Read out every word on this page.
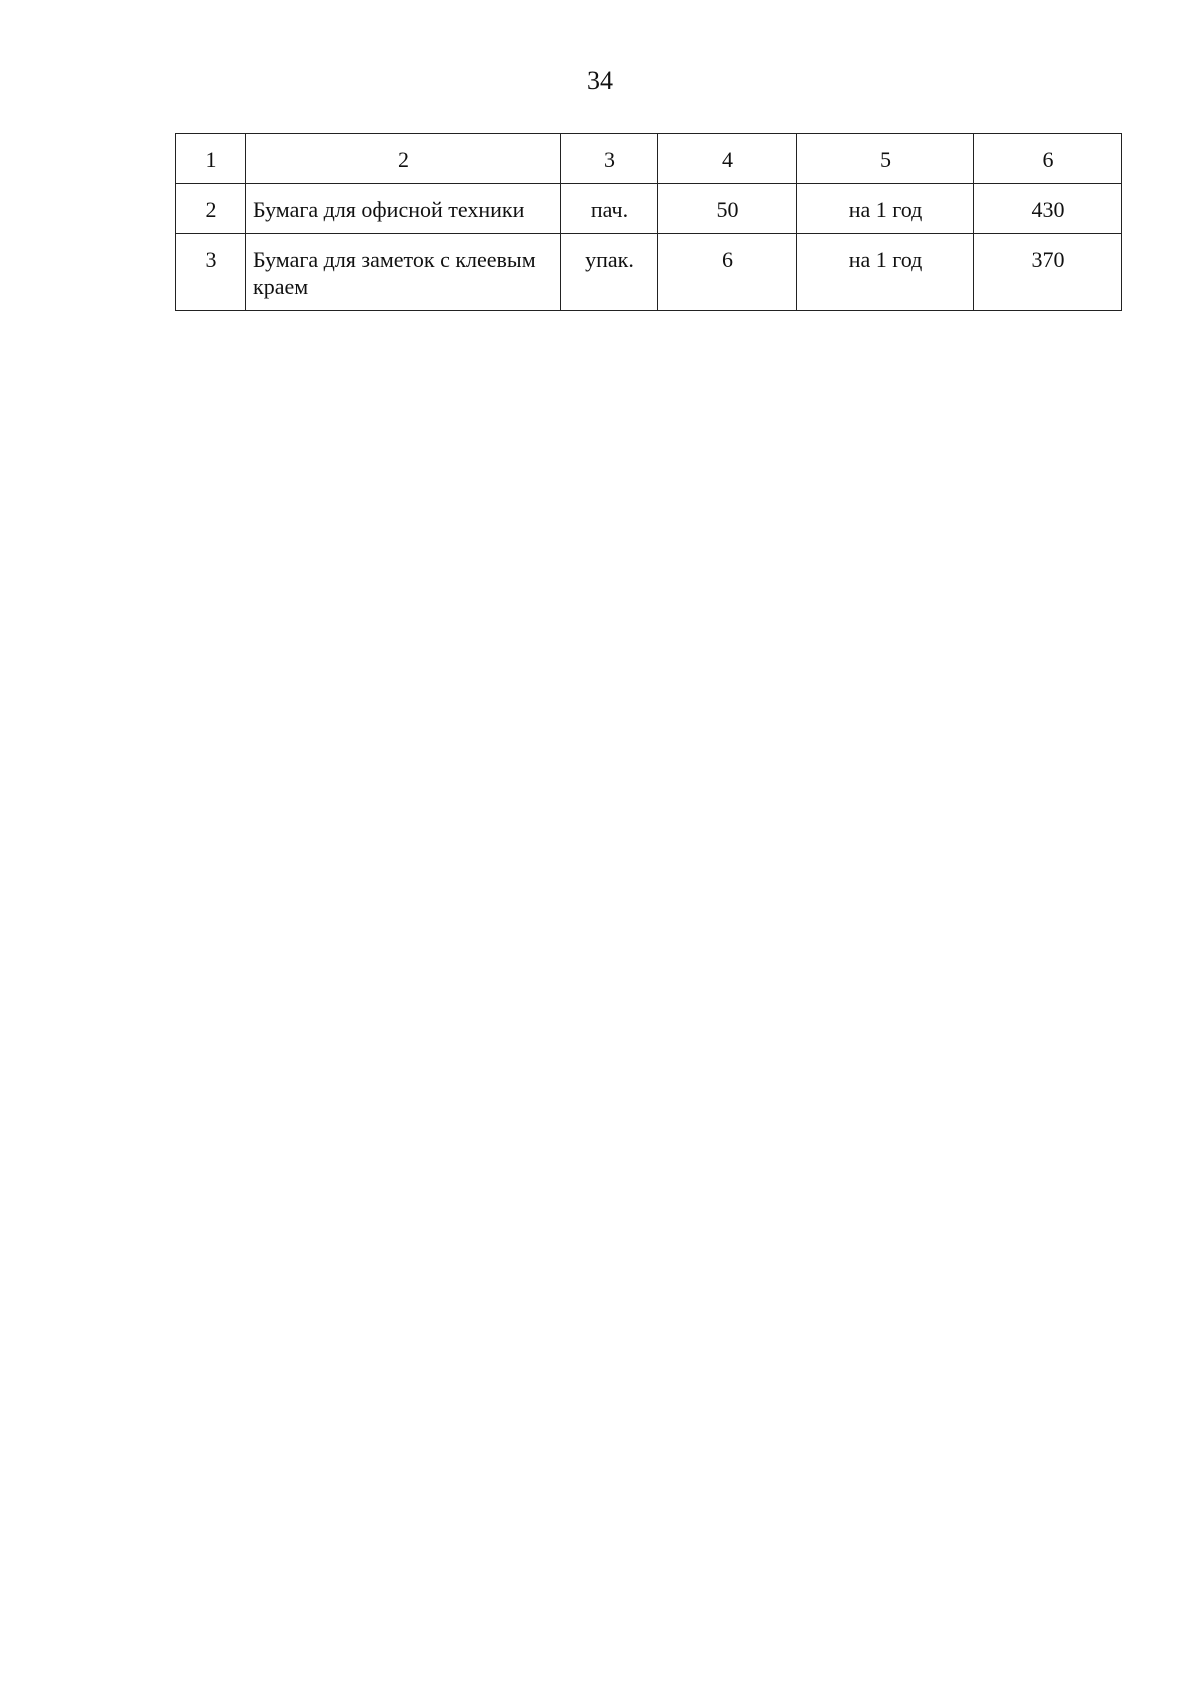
34
1	2	3	4	5	6
2	Бумага для офисной техники	пач.	50	на 1 год	430
3	Бумага для заметок с клеевым краем	упак.	6	на 1 год	370
